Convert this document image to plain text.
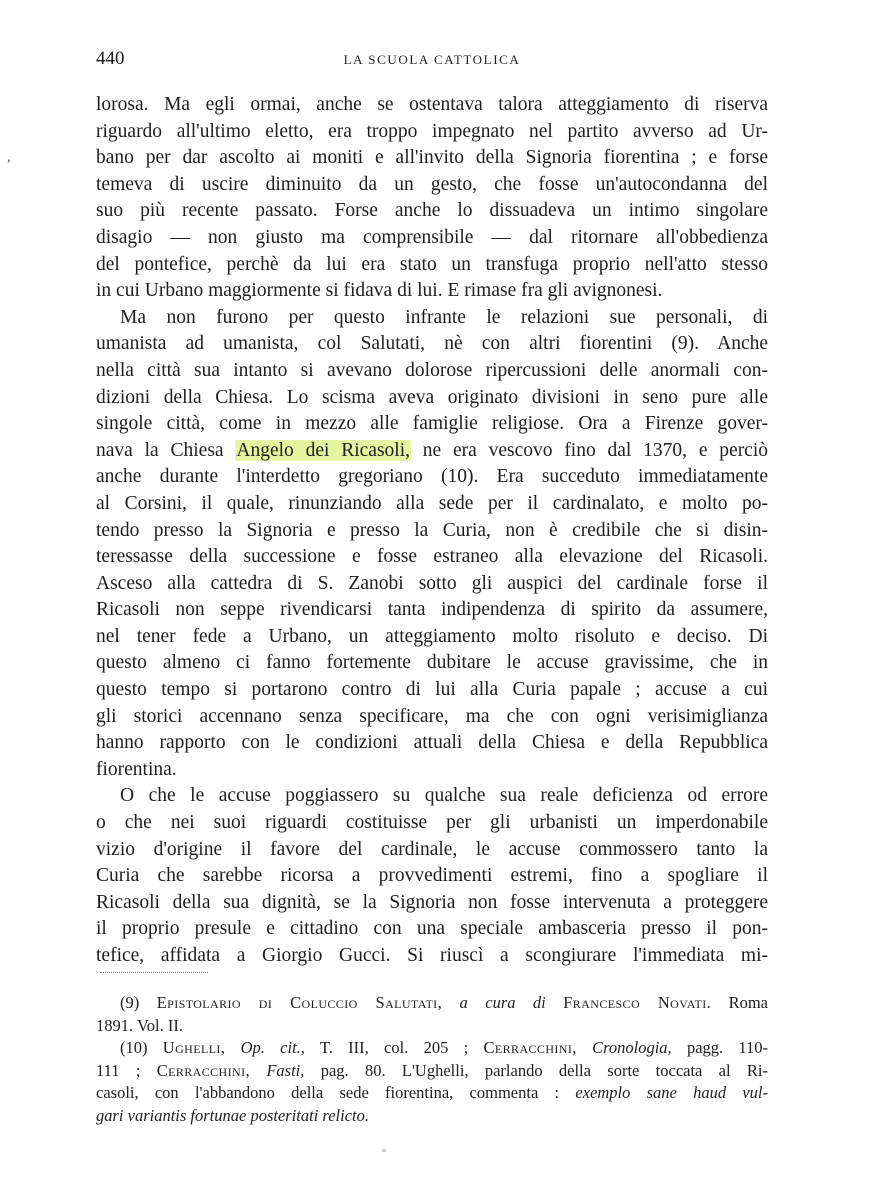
,
440	LA SCUOLA CATTOLICA
lorosa. Ma egli ormai, anche se ostentava talora atteggiamento di riserva
riguardo all'ultimo eletto, era troppo impegnato nel partito avverso ad Ur-
bano per dar ascolto ai moniti e all'invito della Signoria fiorentina ; e forse
temeva di uscire diminuito da un gesto, che fosse un'autocondanna del
suo più recente passato. Forse anche lo dissuadeva un intimo singolare
disagio — non giusto ma comprensibile — dal ritornare all'obbedienza
del pontefice, perchè da lui era stato un transfuga proprio nell'atto stesso
in cui Urbano maggiormente si fidava di lui. E rimase fra gli avignonesi.
Ma non furono per questo infrante le relazioni sue personali, di
umanista ad umanista, col Salutati, nè con altri fiorentini (9). Anche
nella città sua intanto si avevano dolorose ripercussioni delle anormali con-
dizioni della Chiesa. Lo scisma aveva originato divisioni in seno pure alle
singole città, come in mezzo alle famiglie religiose. Ora a Firenze gover-
nava la Chiesa Angelo dei Ricasoli, ne era vescovo fino dal 1370, e perciò
anche durante l'interdetto gregoriano (10). Era succeduto immediatamente
al Corsini, il quale, rinunziando alla sede per il cardinalato, e molto po-
tendo presso la Signoria e presso la Curia, non è credibile che si disin-
teressasse della successione e fosse estraneo alla elevazione del Ricasoli.
Asceso alla cattedra di S. Zanobi sotto gli auspici del cardinale forse il
Ricasoli non seppe rivendicarsi tanta indipendenza di spirito da assumere,
nel tener fede a Urbano, un atteggiamento molto risoluto e deciso. Di
questo almeno ci fanno fortemente dubitare le accuse gravissime, che in
questo tempo si portarono contro di lui alla Curia papale ; accuse a cui
gli storici accennano senza specificare, ma che con ogni verisimiglianza
hanno rapporto con le condizioni attuali della Chiesa e della Repubblica
fiorentina.
O che le accuse poggiassero su qualche sua reale deficienza od errore
o che nei suoi riguardi costituisse per gli urbanisti un imperdonabile
vizio d'origine il favore del cardinale, le accuse commossero tanto la
Curia che sarebbe ricorsa a provvedimenti estremi, fino a spogliare il
Ricasoli della sua dignità, se la Signoria non fosse intervenuta a proteggere
il proprio presule e cittadino con una speciale ambasceria presso il pon-
tefice, affidata a Giorgio Gucci. Si riuscì a scongiurare l'immediata mi-
(9) Epistolario di Coluccio Salutati, a cura di Francesco Novati. Roma
1891. Vol. II.
(10) Ughelli, Op. cit., T. III, col. 205 ; Cerracchini, Cronologia, pagg. 110-
111 ; Cerracchini, Fasti, pag. 80. L'Ughelli, parlando della sorte toccata al Ri-
casoli, con l'abbandono della sede fiorentina, commenta : exemplo sane haud vul-
gari variantis fortunae posteritati relicto.
°
